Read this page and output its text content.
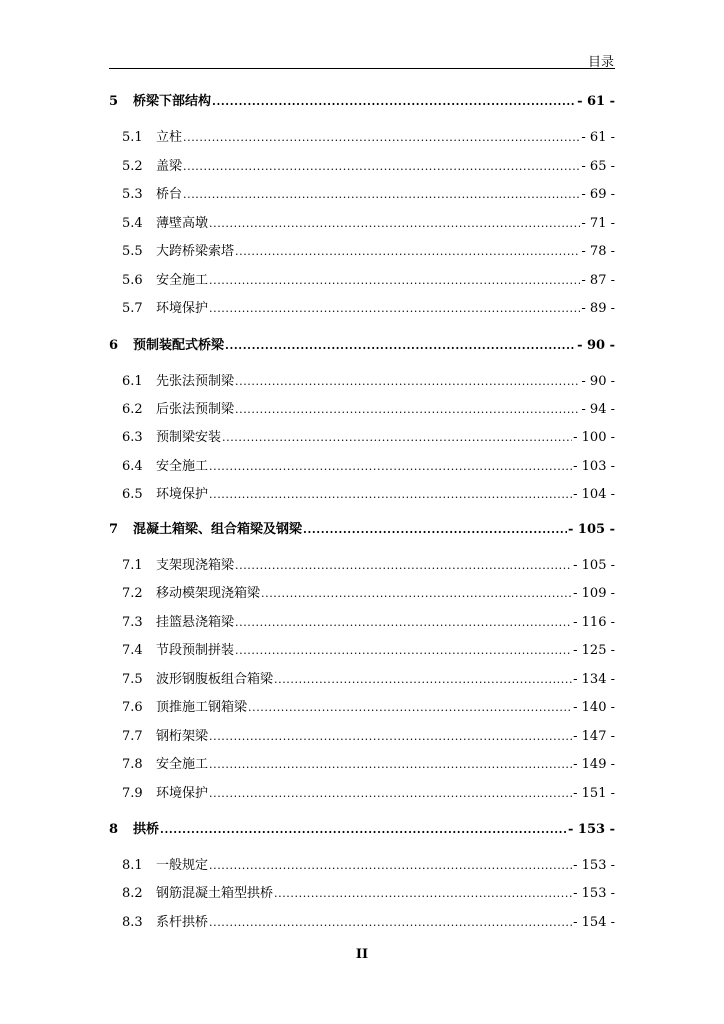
目录
5	桥梁下部结构 .....	- 61 -
5.1	立柱 .....	- 61 -
5.2	盖梁 .....	- 65 -
5.3	桥台 .....	- 69 -
5.4	薄壁高墩 .....	- 71 -
5.5	大跨桥梁索塔 .....	- 78 -
5.6	安全施工 .....	- 87 -
5.7	环境保护 .....	- 89 -
6	预制装配式桥梁 .....	- 90 -
6.1	先张法预制梁 .....	- 90 -
6.2	后张法预制梁 .....	- 94 -
6.3	预制梁安装 .....	- 100 -
6.4	安全施工 .....	- 103 -
6.5	环境保护 .....	- 104 -
7	混凝土箱梁、组合箱梁及钢梁 .....	- 105 -
7.1	支架现浇箱梁 .....	- 105 -
7.2	移动模架现浇箱梁 .....	- 109 -
7.3	挂篮悬浇箱梁 .....	- 116 -
7.4	节段预制拼装 .....	- 125 -
7.5	波形钢腹板组合箱梁 .....	- 134 -
7.6	顶推施工钢箱梁 .....	- 140 -
7.7	钢桁架梁 .....	- 147 -
7.8	安全施工 .....	- 149 -
7.9	环境保护 .....	- 151 -
8	拱桥 .....	- 153 -
8.1	一般规定 .....	- 153 -
8.2	钢筋混凝土箱型拱桥 .....	- 153 -
8.3	系杆拱桥 .....	- 154 -
II
